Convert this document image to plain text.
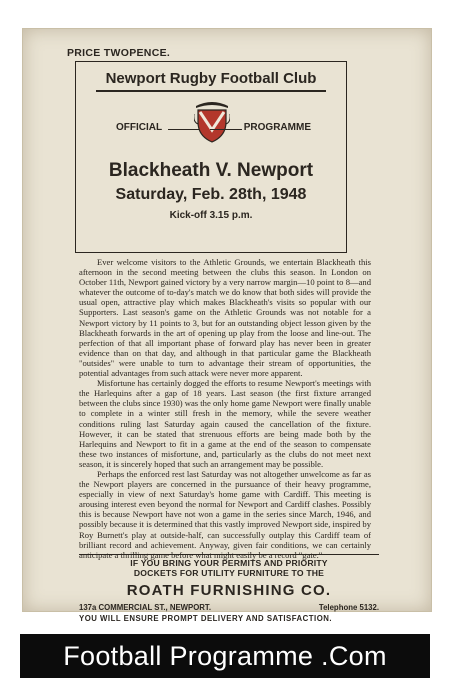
PRICE TWOPENCE.
Newport Rugby Football Club
OFFICIAL	PROGRAMME
Blackheath V. Newport
Saturday, Feb. 28th, 1948
Kick-off 3.15 p.m.

Ever welcome visitors to the Athletic Grounds, we entertain Blackheath this afternoon in the second meeting between the clubs this season. In London on October 11th, Newport gained victory by a very narrow margin—10 point to 8—and whatever the outcome of to-day's match we do know that both sides will provide the usual open, attractive play which makes Blackheath's visits so popular with our Supporters. Last season's game on the Athletic Grounds was not notable for a Newport victory by 11 points to 3, but for an outstanding object lesson given by the Blackheath forwards in the art of opening up play from the loose and line-out. The perfection of that all important phase of forward play has never been in greater evidence than on that day, and although in that particular game the Blackheath "outsides" were unable to turn to advantage their stream of opportunities, the potential advantages from such attack were never more apparent.

Misfortune has certainly dogged the efforts to resume Newport's meetings with the Harlequins after a gap of 18 years. Last season (the first fixture arranged between the clubs since 1930) was the only home game Newport were finally unable to complete in a winter still fresh in the memory, while the severe weather conditions ruling last Saturday again caused the cancellation of the fixture. However, it can be stated that strenuous efforts are being made both by the Harlequins and Newport to fit in a game at the end of the season to compensate these two instances of misfortune, and, particularly as the clubs do not meet next season, it is sincerely hoped that such an arrangement may be possible.

Perhaps the enforced rest last Saturday was not altogether unwelcome as far as the Newport players are concerned in the pursuance of their heavy programme, especially in view of next Saturday's home game with Cardiff. This meeting is arousing interest even beyond the normal for Newport and Cardiff clashes. Possibly this is because Newport have not won a game in the series since March, 1946, and possibly because it is determined that this vastly improved Newport side, inspired by Roy Burnett's play at outside-half, can successfully outplay this Cardiff team of brilliant record and achievement. Anyway, given fair conditions, we can certainly anticipate a thrilling game before what might easily be a record "gate."

IF YOU BRING YOUR PERMITS AND PRIORITY
DOCKETS FOR UTILITY FURNITURE TO THE
ROATH FURNISHING CO.
137a COMMERCIAL ST., NEWPORT.	Telephone 5132.
YOU WILL ENSURE PROMPT DELIVERY AND SATISFACTION.
Football Programme .Com
